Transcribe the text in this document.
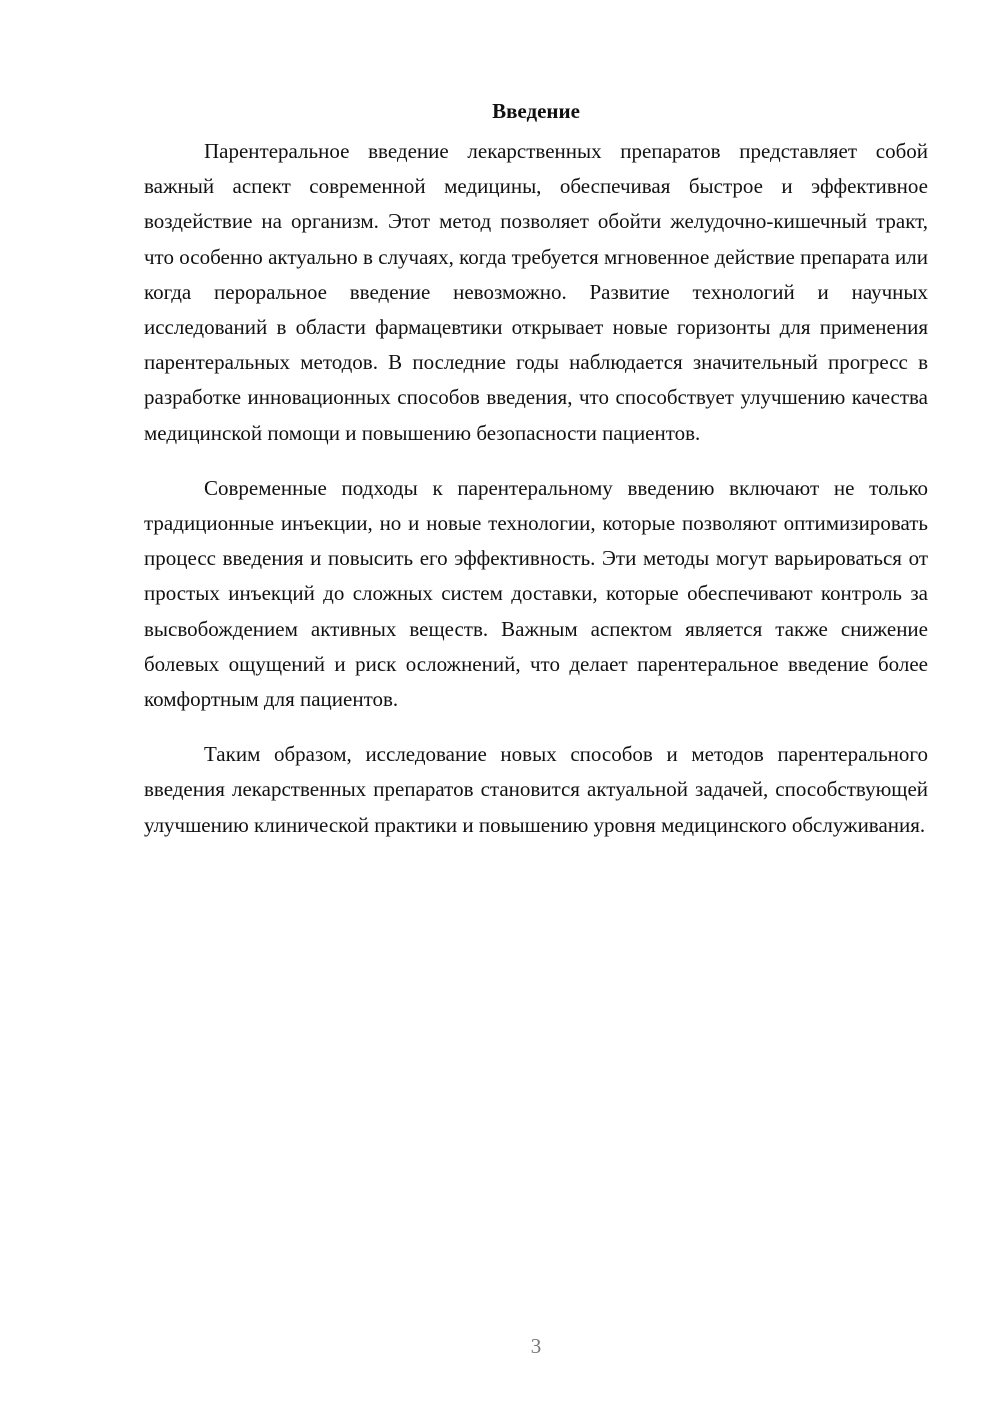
Введение

Парентеральное введение лекарственных препаратов представляет собой важный аспект современной медицины, обеспечивая быстрое и эффективное воздействие на организм. Этот метод позволяет обойти желудочно-кишечный тракт, что особенно актуально в случаях, когда требуется мгновенное действие препарата или когда пероральное введение невозможно. Развитие технологий и научных исследований в области фармацевтики открывает новые горизонты для применения парентеральных методов. В последние годы наблюдается значительный прогресс в разработке инновационных способов введения, что способствует улучшению качества медицинской помощи и повышению безопасности пациентов.

Современные подходы к парентеральному введению включают не только традиционные инъекции, но и новые технологии, которые позволяют оптимизировать процесс введения и повысить его эффективность. Эти методы могут варьироваться от простых инъекций до сложных систем доставки, которые обеспечивают контроль за высвобождением активных веществ. Важным аспектом является также снижение болевых ощущений и риск осложнений, что делает парентеральное введение более комфортным для пациентов.

Таким образом, исследование новых способов и методов парентерального введения лекарственных препаратов становится актуальной задачей, способствующей улучшению клинической практики и повышению уровня медицинского обслуживания.

3
